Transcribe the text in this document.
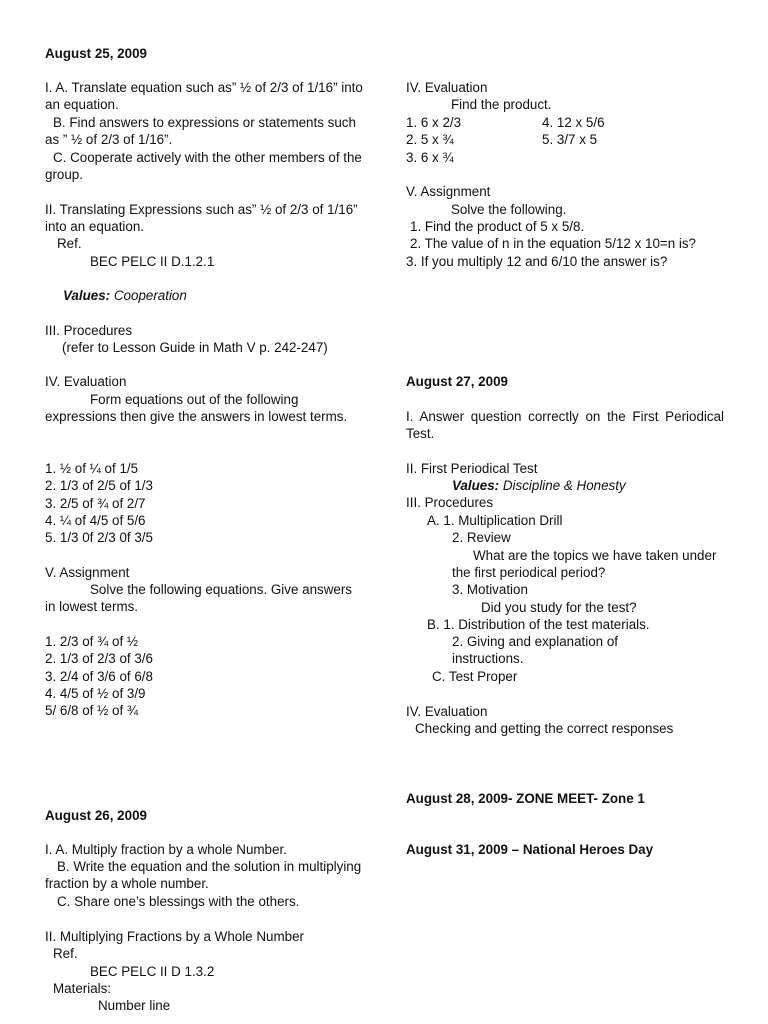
August 25, 2009
I. A. Translate equation such as” ½ of 2/3 of 1/16” into an equation.
B. Find answers to expressions or statements such as ” ½ of 2/3 of 1/16”.
C. Cooperate actively with the other members of the group.
II. Translating Expressions such as” ½ of 2/3 of 1/16” into an equation.
Ref.
BEC PELC II D.1.2.1
Values: Cooperation
III. Procedures
(refer to Lesson Guide in Math V p. 242-247)
IV. Evaluation
Form equations out of the following expressions then give the answers in lowest terms.
1. ½ of ¼ of 1/5
2. 1/3 of 2/5 of 1/3
3. 2/5 of ¾ of 2/7
4. ¼ of 4/5 of 5/6
5. 1/3 0f 2/3 0f 3/5
V. Assignment
Solve the following equations. Give answers in lowest terms.
1. 2/3 of ¾ of ½
2. 1/3 of 2/3 of 3/6
3. 2/4 of 3/6 of 6/8
4. 4/5 of ½ of 3/9
5/ 6/8 of ½ of ¾
August 26, 2009
I. A. Multiply fraction by a whole Number.
B. Write the equation and the solution in multiplying fraction by a whole number.
C. Share one’s blessings with the others.
II. Multiplying Fractions by a Whole Number
Ref.
BEC PELC II D 1.3.2
Materials:
Number line
IV. Evaluation
Find the product.
1. 6 x 2/3
2. 5 x ¾
3. 6 x ¾
4. 12 x 5/6
5. 3/7 x 5
V. Assignment
Solve the following.
1. Find the product of 5 x 5/8.
2. The value of n in the equation 5/12 x 10=n is?
3. If you multiply 12 and 6/10 the answer is?
August 27, 2009
I. Answer question correctly on the First Periodical Test.
II. First Periodical Test
Values: Discipline & Honesty
III. Procedures
A. 1. Multiplication Drill
2. Review
What are the topics we have taken under the first periodical period?
3. Motivation
Did you study for the test?
B. 1. Distribution of the test materials.
2. Giving and explanation of instructions.
C. Test Proper
IV. Evaluation
Checking and getting the correct responses
August 28, 2009- ZONE MEET- Zone 1
August 31, 2009 – National Heroes Day
